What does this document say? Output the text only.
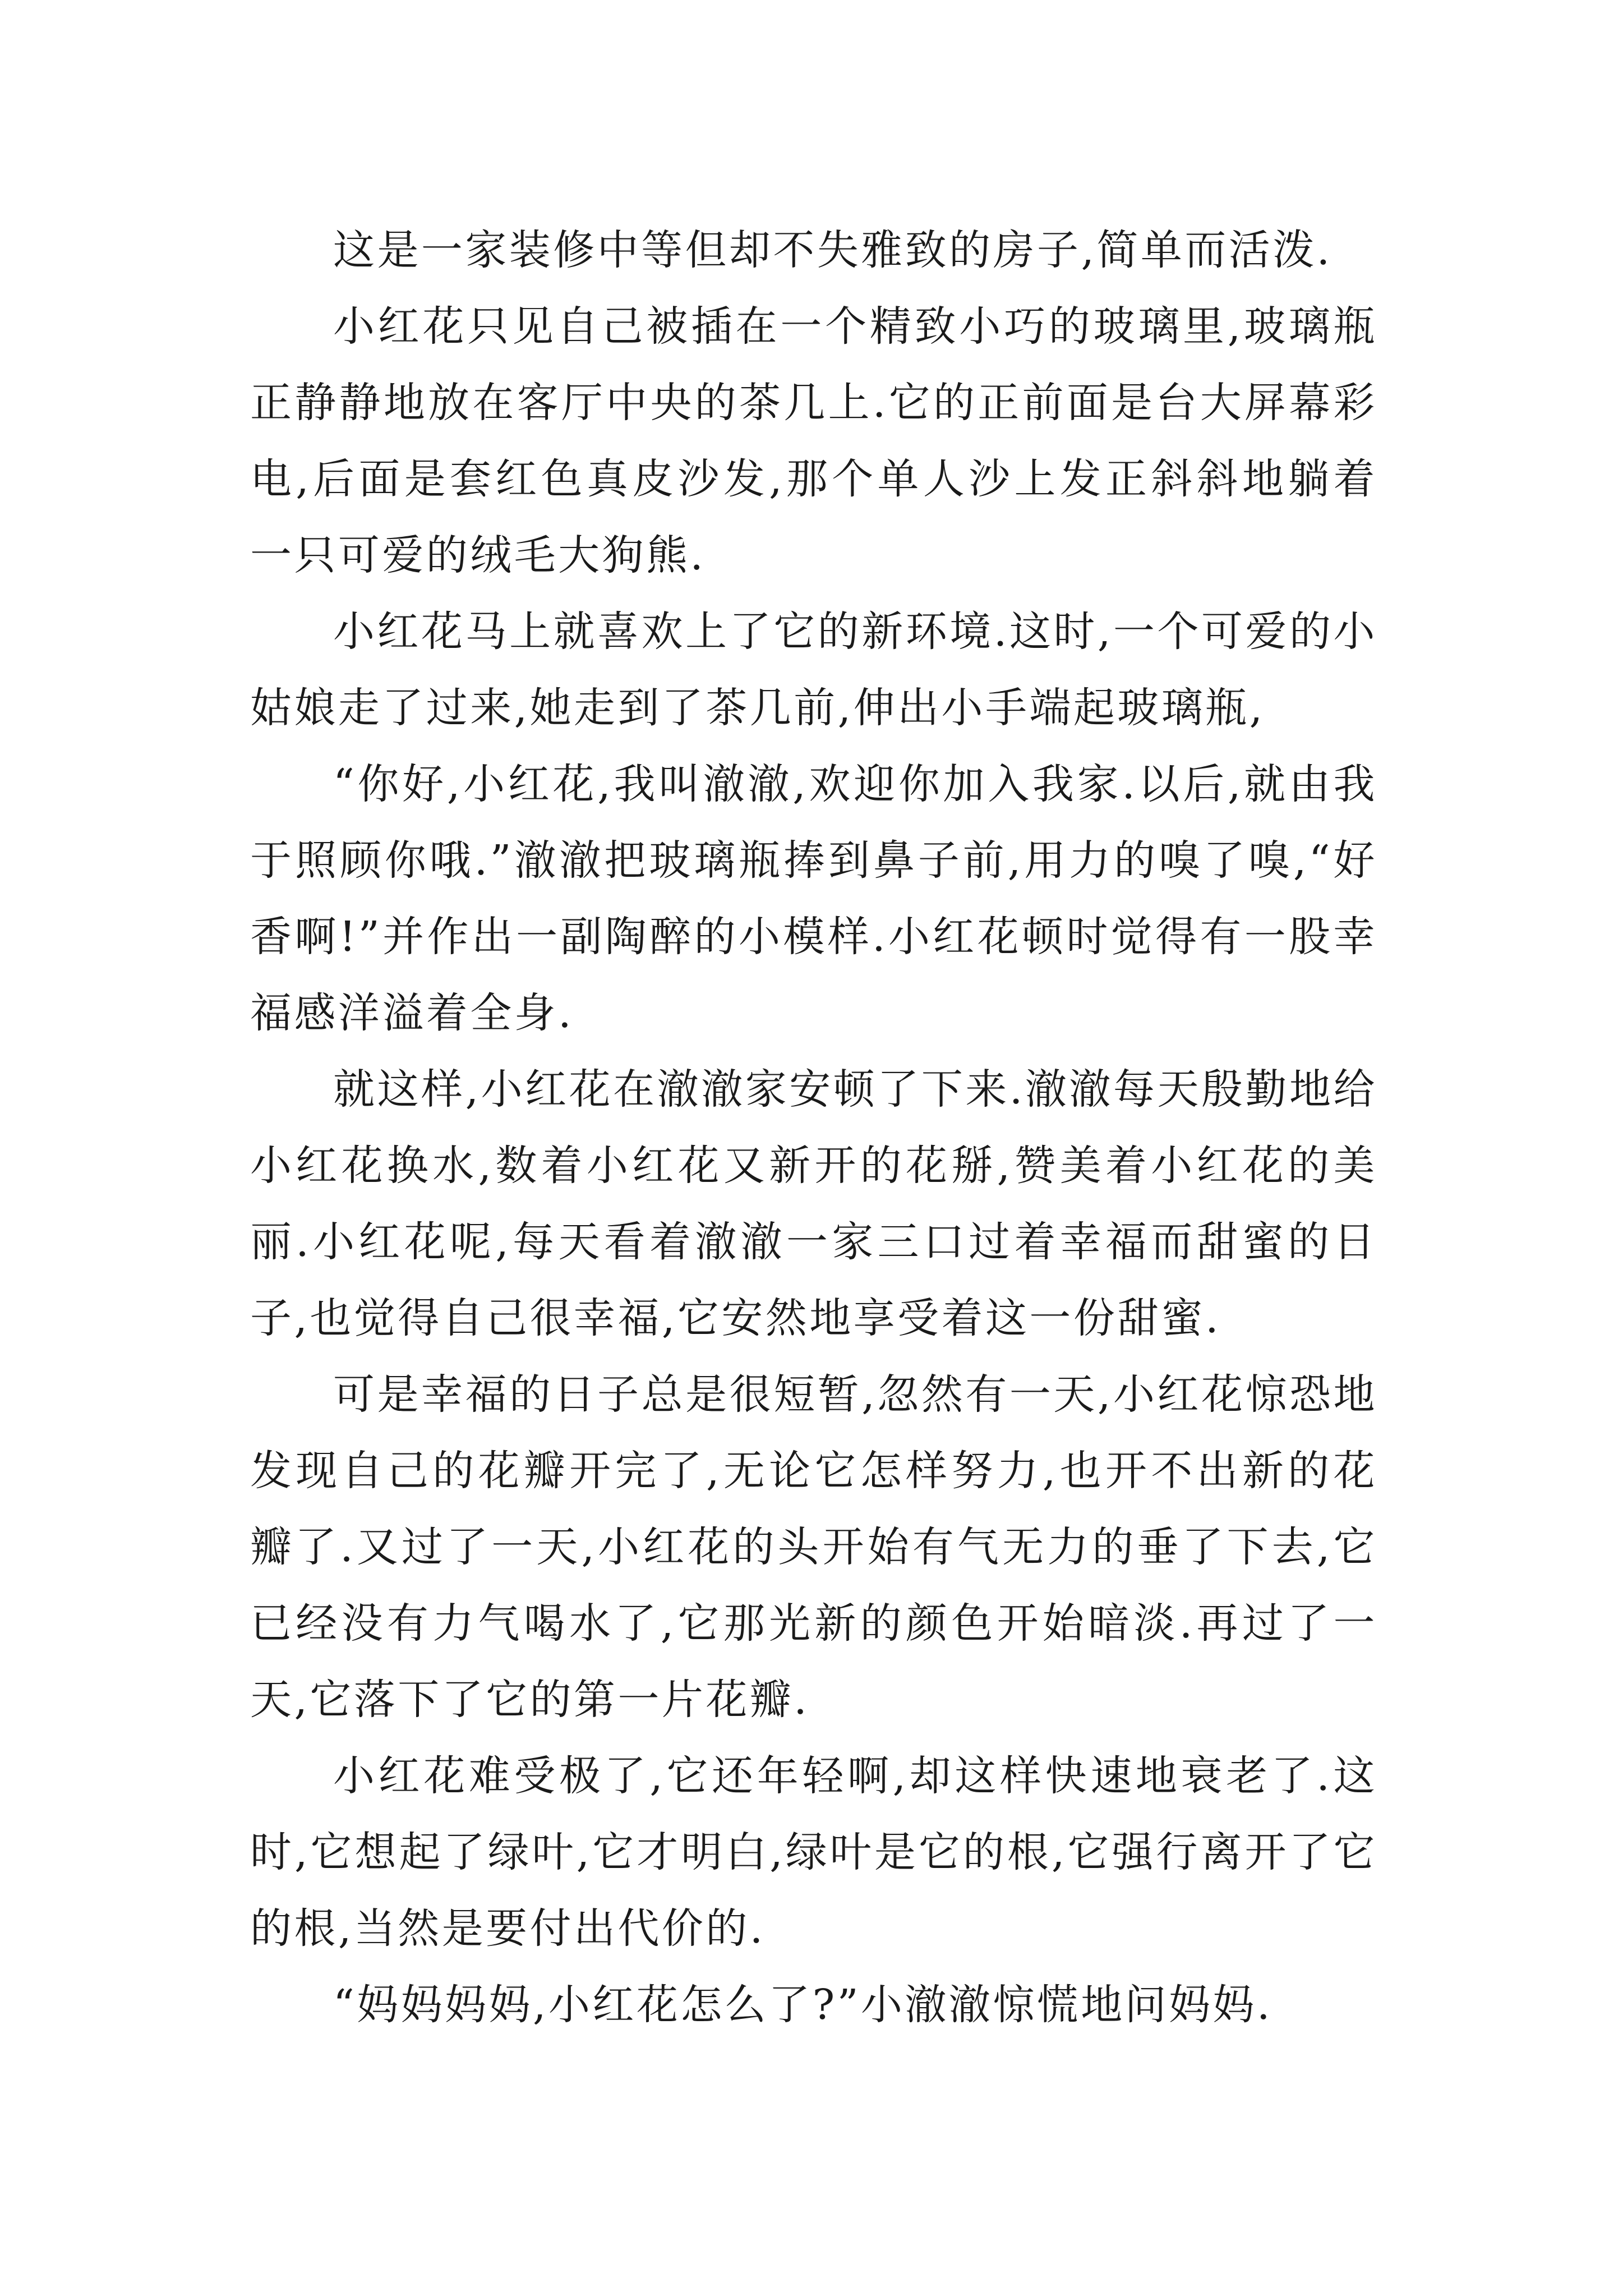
这是一家装修中等但却不失雅致的房子,简单而活泼.

小红花只见自己被插在一个精致小巧的玻璃里,玻璃瓶正静静地放在客厅中央的茶几上.它的正前面是台大屏幕彩电,后面是套红色真皮沙发,那个单人沙上发正斜斜地躺着一只可爱的绒毛大狗熊.

小红花马上就喜欢上了它的新环境.这时,一个可爱的小姑娘走了过来,她走到了茶几前,伸出小手端起玻璃瓶,

“你好,小红花,我叫澈澈,欢迎你加入我家.以后,就由我于照顾你哦.”澈澈把玻璃瓶捧到鼻子前,用力的嗅了嗅,“好香啊!”并作出一副陶醉的小模样.小红花顿时觉得有一股幸福感洋溢着全身.

就这样,小红花在澈澈家安顿了下来.澈澈每天殷勤地给小红花换水,数着小红花又新开的花掰,赞美着小红花的美丽.小红花呢,每天看着澈澈一家三口过着幸福而甜蜜的日子,也觉得自己很幸福,它安然地享受着这一份甜蜜.

可是幸福的日子总是很短暂,忽然有一天,小红花惊恐地发现自己的花瓣开完了,无论它怎样努力,也开不出新的花瓣了.又过了一天,小红花的头开始有气无力的垂了下去,它已经没有力气喝水了,它那光新的颜色开始暗淡.再过了一天,它落下了它的第一片花瓣.

小红花难受极了,它还年轻啊,却这样快速地衰老了.这时,它想起了绿叶,它才明白,绿叶是它的根,它强行离开了它的根,当然是要付出代价的.

“妈妈妈妈,小红花怎么了?”小澈澈惊慌地问妈妈.
